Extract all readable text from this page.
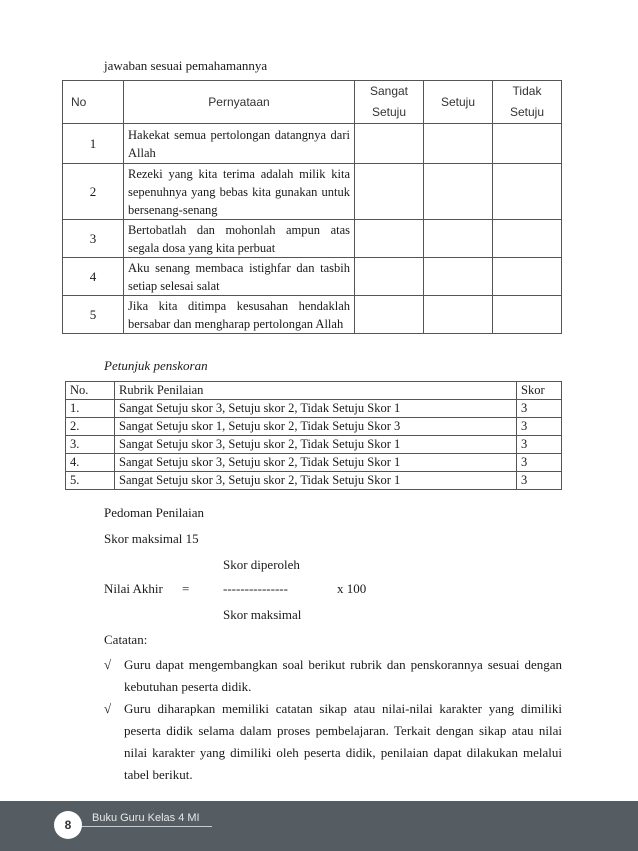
jawaban sesuai pemahamannya
No	Pernyataan	Sangat Setuju	Setuju	Tidak Setuju
1	Hakekat semua pertolongan datangnya dari Allah			
2	Rezeki yang kita terima adalah milik kita sepenuhnya yang bebas kita gunakan untuk bersenang-senang			
3	Bertobatlah dan mohonlah ampun atas segala dosa yang kita perbuat			
4	Aku senang membaca istighfar dan tasbih setiap selesai salat			
5	Jika kita ditimpa kesusahan hendaklah bersabar dan mengharap pertolongan Allah			
Petunjuk penskoran
No.	Rubrik Penilaian	Skor
1.	Sangat Setuju skor 3, Setuju skor 2, Tidak Setuju Skor 1	3
2.	Sangat Setuju skor 1, Setuju skor 2, Tidak Setuju Skor 3	3
3.	Sangat Setuju skor 3, Setuju skor 2, Tidak Setuju Skor 1	3
4.	Sangat Setuju skor 3, Setuju skor 2, Tidak Setuju Skor 1	3
5.	Sangat Setuju skor 3, Setuju skor 2, Tidak Setuju Skor 1	3
Pedoman Penilaian
Skor maksimal 15
Skor diperoleh
Nilai Akhir =	---------------	x 100
Skor maksimal
Catatan:
√ Guru dapat mengembangkan soal berikut rubrik dan penskorannya sesuai dengan kebutuhan peserta didik.
√ Guru diharapkan memiliki catatan sikap atau nilai-nilai karakter yang dimiliki peserta didik selama dalam proses pembelajaran. Terkait dengan sikap atau nilai nilai karakter yang dimiliki oleh peserta didik, penilaian dapat dilakukan melalui tabel berikut.
8	Buku Guru Kelas 4 MI
